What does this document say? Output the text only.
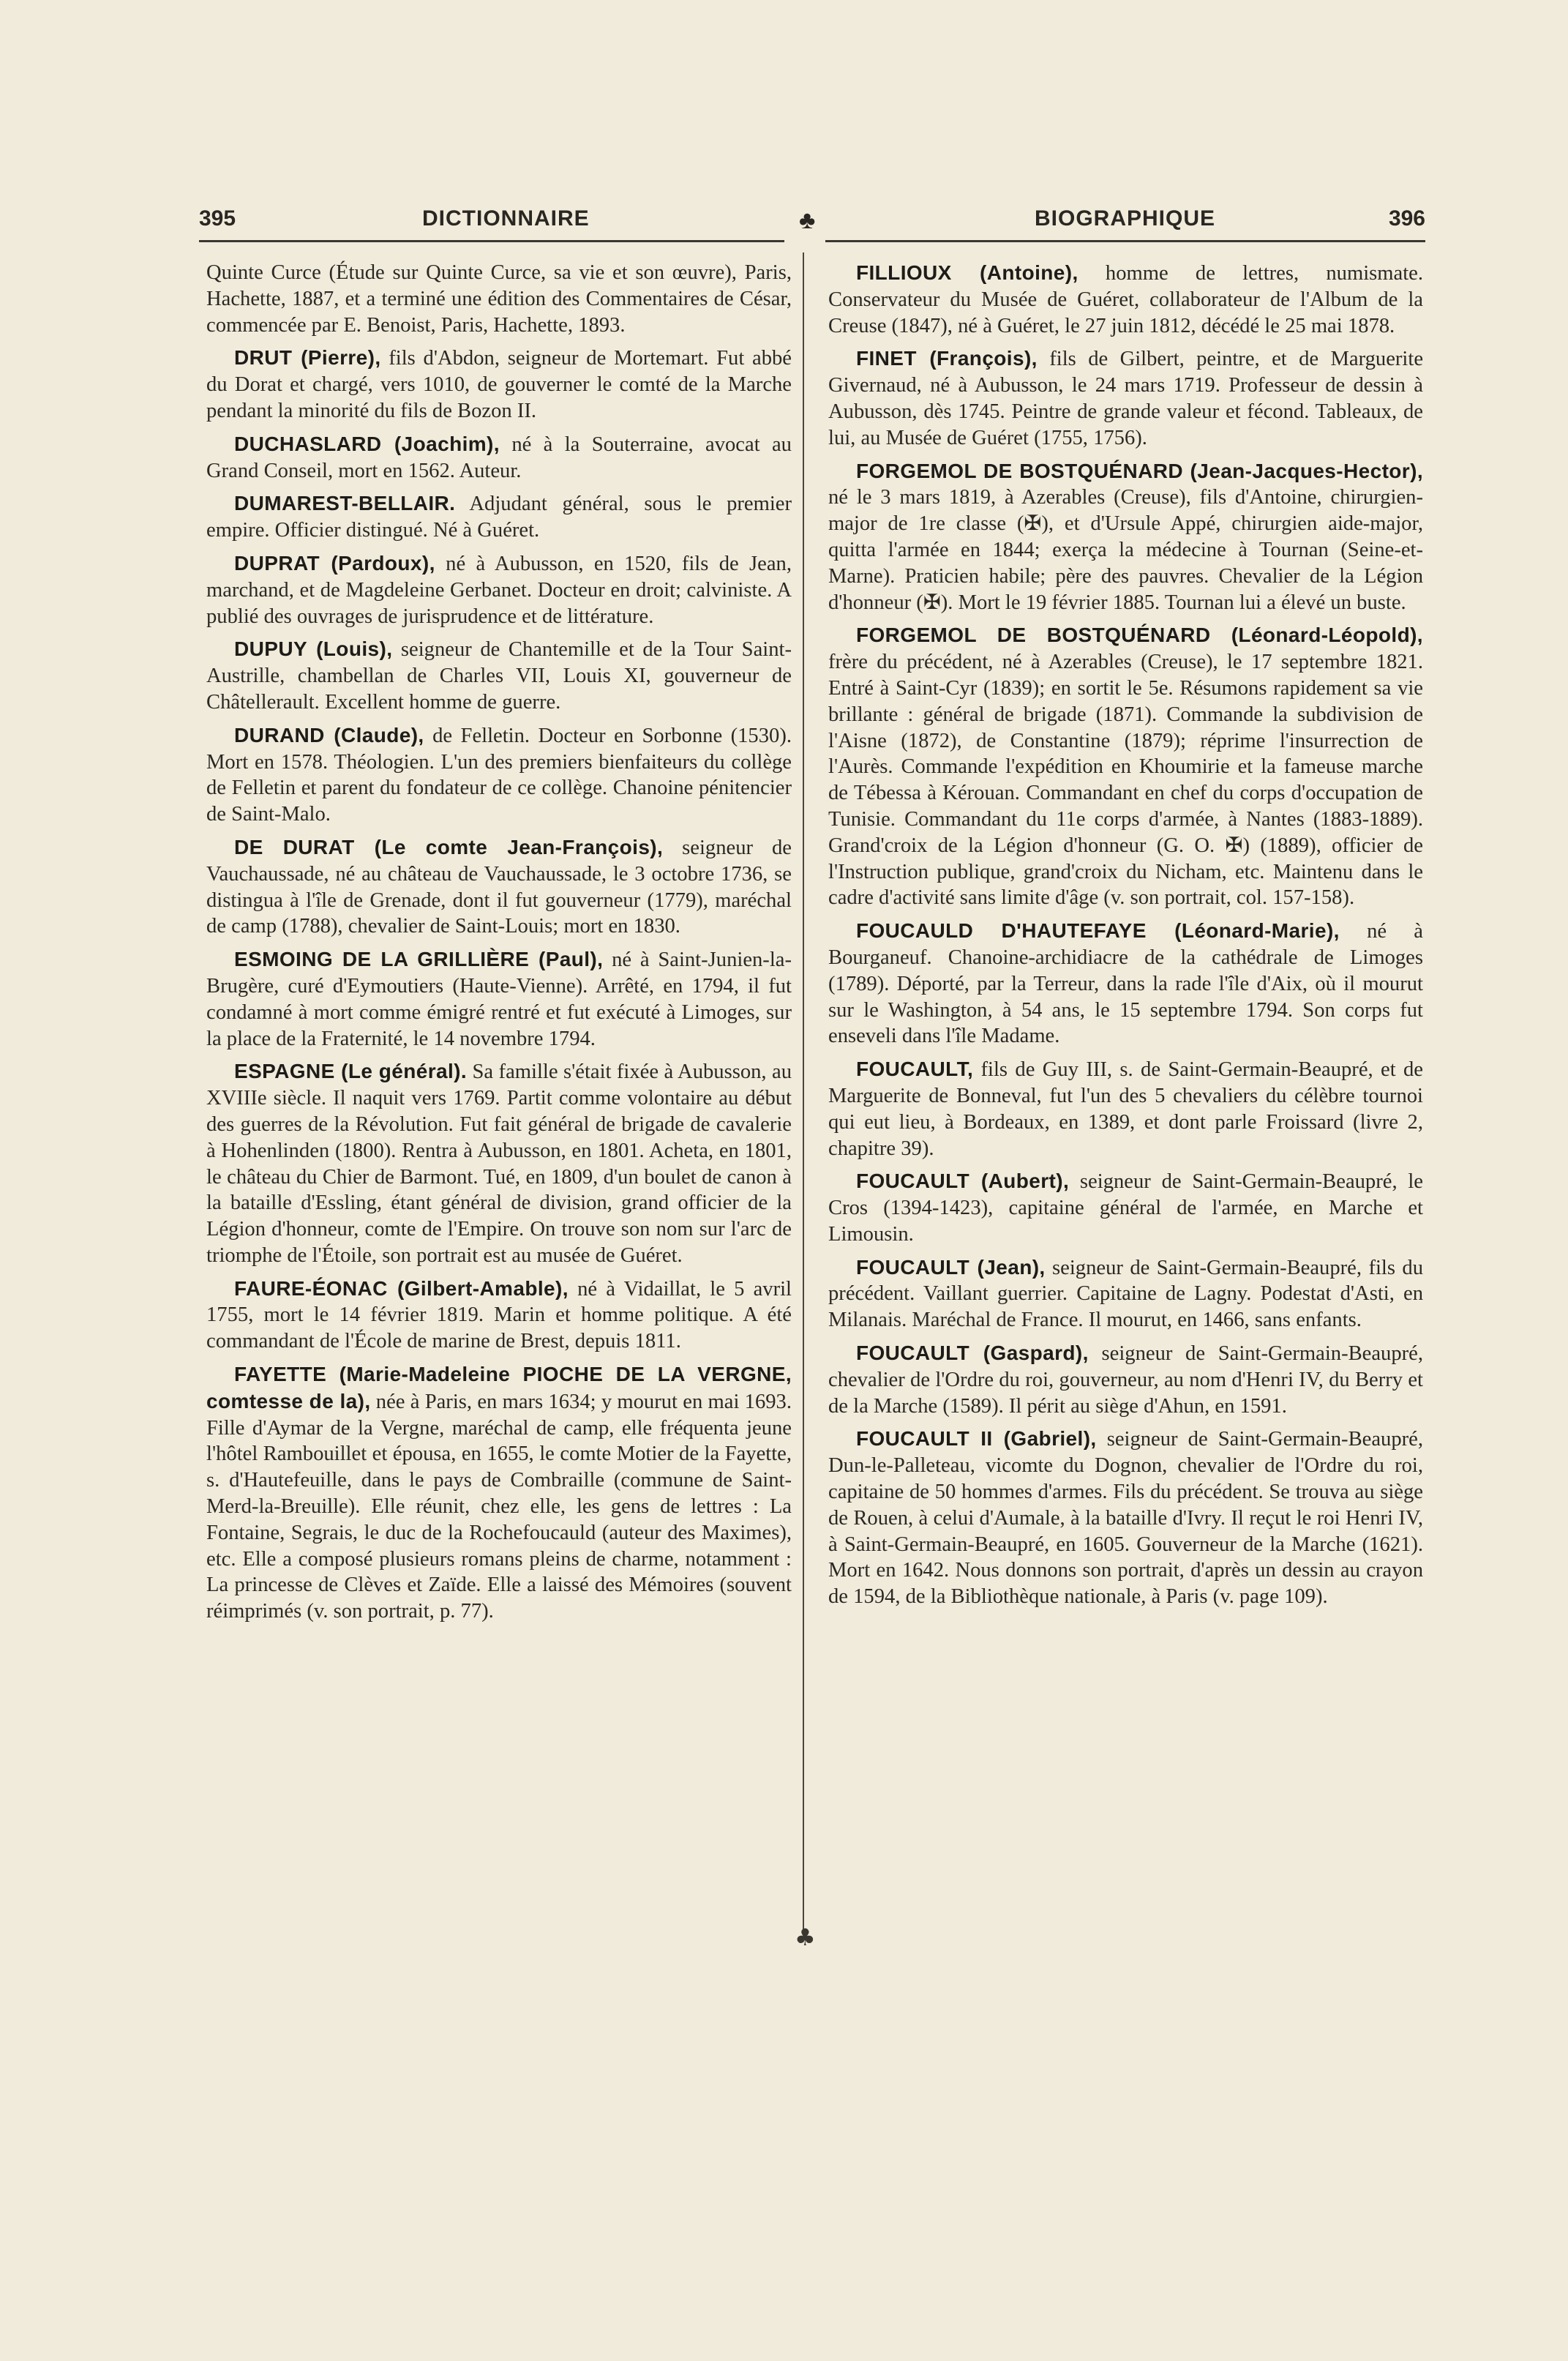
395	DICTIONNAIRE	♣	BIOGRAPHIQUE	396
♣

Quinte Curce (Étude sur Quinte Curce, sa vie et son œuvre), Paris, Hachette, 1887, et a terminé une édition des Commentaires de César, commencée par E. Benoist, Paris, Hachette, 1893.

DRUT (Pierre), fils d'Abdon, seigneur de Mortemart. Fut abbé du Dorat et chargé, vers 1010, de gouverner le comté de la Marche pendant la minorité du fils de Bozon II.

DUCHASLARD (Joachim), né à la Souterraine, avocat au Grand Conseil, mort en 1562. Auteur.

DUMAREST-BELLAIR. Adjudant général, sous le premier empire. Officier distingué. Né à Guéret.

DUPRAT (Pardoux), né à Aubusson, en 1520, fils de Jean, marchand, et de Magdeleine Gerbanet. Docteur en droit; calviniste. A publié des ouvrages de jurisprudence et de littérature.

DUPUY (Louis), seigneur de Chantemille et de la Tour Saint-Austrille, chambellan de Charles VII, Louis XI, gouverneur de Châtellerault. Excellent homme de guerre.

DURAND (Claude), de Felletin. Docteur en Sorbonne (1530). Mort en 1578. Théologien. L'un des premiers bienfaiteurs du collège de Felletin et parent du fondateur de ce collège. Chanoine pénitencier de Saint-Malo.

DE DURAT (Le comte Jean-François), seigneur de Vauchaussade, né au château de Vauchaussade, le 3 octobre 1736, se distingua à l'île de Grenade, dont il fut gouverneur (1779), maréchal de camp (1788), chevalier de Saint-Louis; mort en 1830.

ESMOING DE LA GRILLIÈRE (Paul), né à Saint-Junien-la-Brugère, curé d'Eymoutiers (Haute-Vienne). Arrêté, en 1794, il fut condamné à mort comme émigré rentré et fut exécuté à Limoges, sur la place de la Fraternité, le 14 novembre 1794.

ESPAGNE (Le général). Sa famille s'était fixée à Aubusson, au XVIIIe siècle. Il naquit vers 1769. Partit comme volontaire au début des guerres de la Révolution. Fut fait général de brigade de cavalerie à Hohenlinden (1800). Rentra à Aubusson, en 1801. Acheta, en 1801, le château du Chier de Barmont. Tué, en 1809, d'un boulet de canon à la bataille d'Essling, étant général de division, grand officier de la Légion d'honneur, comte de l'Empire. On trouve son nom sur l'arc de triomphe de l'Étoile, son portrait est au musée de Guéret.

FAURE-ÉONAC (Gilbert-Amable), né à Vidaillat, le 5 avril 1755, mort le 14 février 1819. Marin et homme politique. A été commandant de l'École de marine de Brest, depuis 1811.

FAYETTE (Marie-Madeleine PIOCHE DE LA VERGNE, comtesse de la), née à Paris, en mars 1634; y mourut en mai 1693. Fille d'Aymar de la Vergne, maréchal de camp, elle fréquenta jeune l'hôtel Rambouillet et épousa, en 1655, le comte Motier de la Fayette, s. d'Hautefeuille, dans le pays de Combraille (commune de Saint-Merd-la-Breuille). Elle réunit, chez elle, les gens de lettres : La Fontaine, Segrais, le duc de la Rochefoucauld (auteur des Maximes), etc. Elle a composé plusieurs romans pleins de charme, notamment : La princesse de Clèves et Zaïde. Elle a laissé des Mémoires (souvent réimprimés (v. son portrait, p. 77).

FILLIOUX (Antoine), homme de lettres, numismate. Conservateur du Musée de Guéret, collaborateur de l'Album de la Creuse (1847), né à Guéret, le 27 juin 1812, décédé le 25 mai 1878.

FINET (François), fils de Gilbert, peintre, et de Marguerite Givernaud, né à Aubusson, le 24 mars 1719. Professeur de dessin à Aubusson, dès 1745. Peintre de grande valeur et fécond. Tableaux, de lui, au Musée de Guéret (1755, 1756).

FORGEMOL DE BOSTQUÉNARD (Jean-Jacques-Hector), né le 3 mars 1819, à Azerables (Creuse), fils d'Antoine, chirurgien-major de 1re classe (✠), et d'Ursule Appé, chirurgien aide-major, quitta l'armée en 1844; exerça la médecine à Tournan (Seine-et-Marne). Praticien habile; père des pauvres. Chevalier de la Légion d'honneur (✠). Mort le 19 février 1885. Tournan lui a élevé un buste.

FORGEMOL DE BOSTQUÉNARD (Léonard-Léopold), frère du précédent, né à Azerables (Creuse), le 17 septembre 1821. Entré à Saint-Cyr (1839); en sortit le 5e. Résumons rapidement sa vie brillante : général de brigade (1871). Commande la subdivision de l'Aisne (1872), de Constantine (1879); réprime l'insurrection de l'Aurès. Commande l'expédition en Khoumirie et la fameuse marche de Tébessa à Kérouan. Commandant en chef du corps d'occupation de Tunisie. Commandant du 11e corps d'armée, à Nantes (1883-1889). Grand'croix de la Légion d'honneur (G. O. ✠) (1889), officier de l'Instruction publique, grand'croix du Nicham, etc. Maintenu dans le cadre d'activité sans limite d'âge (v. son portrait, col. 157-158).

FOUCAULD D'HAUTEFAYE (Léonard-Marie), né à Bourganeuf. Chanoine-archidiacre de la cathédrale de Limoges (1789). Déporté, par la Terreur, dans la rade l'île d'Aix, où il mourut sur le Washington, à 54 ans, le 15 septembre 1794. Son corps fut enseveli dans l'île Madame.

FOUCAULT, fils de Guy III, s. de Saint-Germain-Beaupré, et de Marguerite de Bonneval, fut l'un des 5 chevaliers du célèbre tournoi qui eut lieu, à Bordeaux, en 1389, et dont parle Froissard (livre 2, chapitre 39).

FOUCAULT (Aubert), seigneur de Saint-Germain-Beaupré, le Cros (1394-1423), capitaine général de l'armée, en Marche et Limousin.

FOUCAULT (Jean), seigneur de Saint-Germain-Beaupré, fils du précédent. Vaillant guerrier. Capitaine de Lagny. Podestat d'Asti, en Milanais. Maréchal de France. Il mourut, en 1466, sans enfants.

FOUCAULT (Gaspard), seigneur de Saint-Germain-Beaupré, chevalier de l'Ordre du roi, gouverneur, au nom d'Henri IV, du Berry et de la Marche (1589). Il périt au siège d'Ahun, en 1591.

FOUCAULT II (Gabriel), seigneur de Saint-Germain-Beaupré, Dun-le-Palleteau, vicomte du Dognon, chevalier de l'Ordre du roi, capitaine de 50 hommes d'armes. Fils du précédent. Se trouva au siège de Rouen, à celui d'Aumale, à la bataille d'Ivry. Il reçut le roi Henri IV, à Saint-Germain-Beaupré, en 1605. Gouverneur de la Marche (1621). Mort en 1642. Nous donnons son portrait, d'après un dessin au crayon de 1594, de la Bibliothèque nationale, à Paris (v. page 109).
